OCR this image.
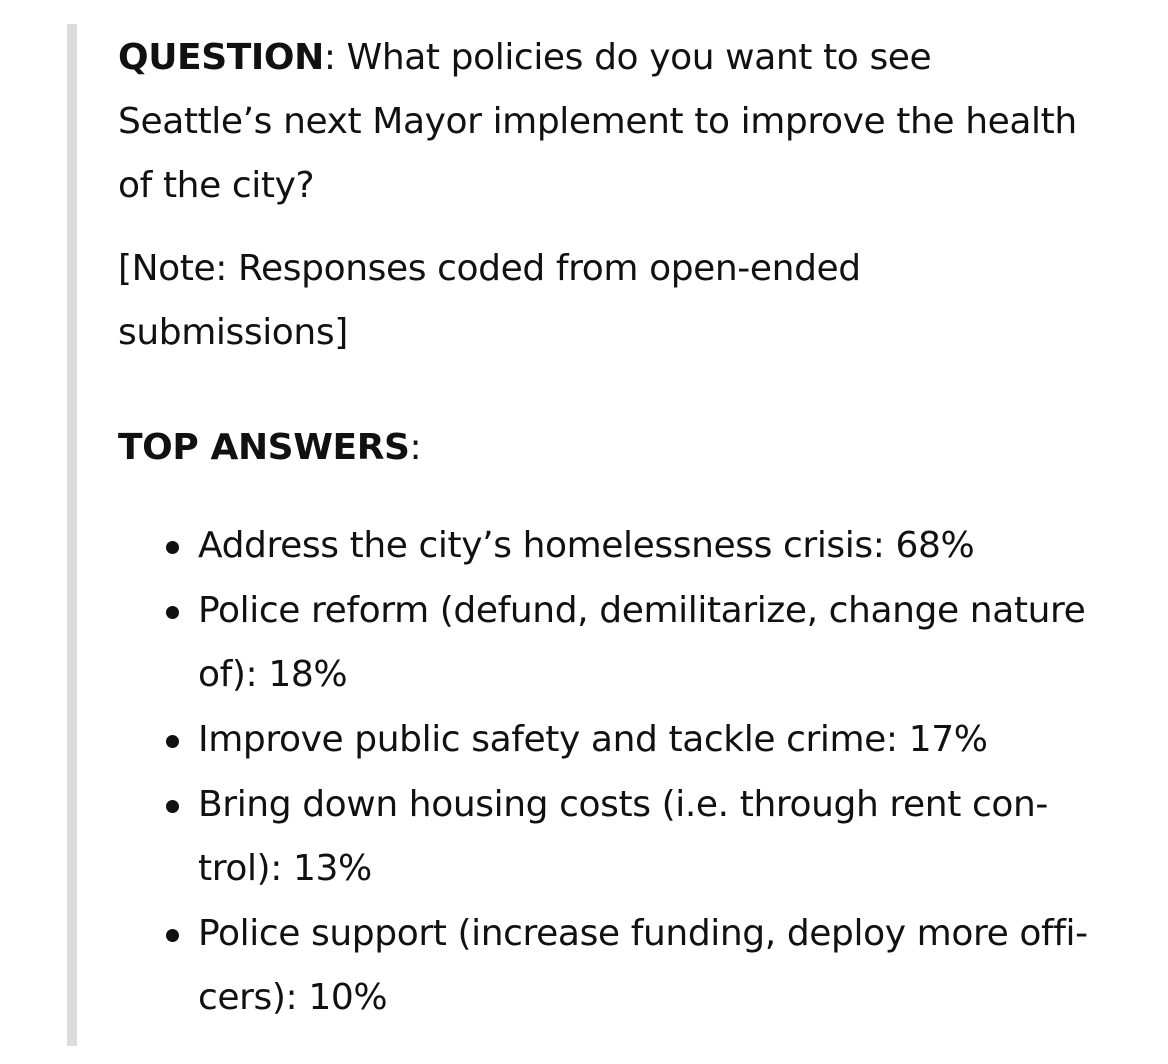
QUESTION: What policies do you want to see Seattle’s next Mayor implement to improve the health of the city?

[Note: Responses coded from open-ended submissions]

TOP ANSWERS:

Address the city’s homelessness crisis: 68%
Police reform (defund, demilitarize, change nature of): 18%
Improve public safety and tackle crime: 17%
Bring down housing costs (i.e. through rent control): 13%
Police support (increase funding, deploy more officers): 10%
